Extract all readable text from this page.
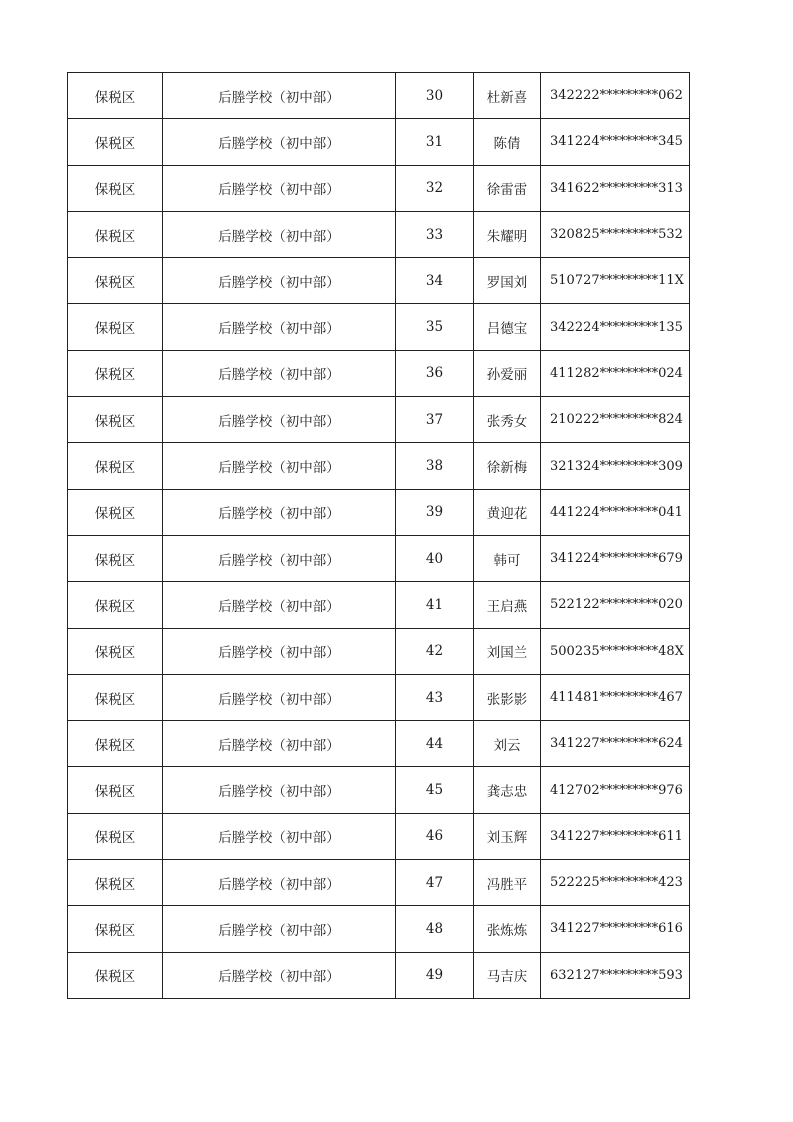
保税区	后塍学校（初中部）	30	杜新喜	342222*********062
保税区	后塍学校（初中部）	31	陈倩	341224*********345
保税区	后塍学校（初中部）	32	徐雷雷	341622*********313
保税区	后塍学校（初中部）	33	朱耀明	320825*********532
保税区	后塍学校（初中部）	34	罗国刘	510727*********11X
保税区	后塍学校（初中部）	35	吕德宝	342224*********135
保税区	后塍学校（初中部）	36	孙爱丽	411282*********024
保税区	后塍学校（初中部）	37	张秀女	210222*********824
保税区	后塍学校（初中部）	38	徐新梅	321324*********309
保税区	后塍学校（初中部）	39	黄迎花	441224*********041
保税区	后塍学校（初中部）	40	韩可	341224*********679
保税区	后塍学校（初中部）	41	王启燕	522122*********020
保税区	后塍学校（初中部）	42	刘国兰	500235*********48X
保税区	后塍学校（初中部）	43	张影影	411481*********467
保税区	后塍学校（初中部）	44	刘云	341227*********624
保税区	后塍学校（初中部）	45	龚志忠	412702*********976
保税区	后塍学校（初中部）	46	刘玉辉	341227*********611
保税区	后塍学校（初中部）	47	冯胜平	522225*********423
保税区	后塍学校（初中部）	48	张炼炼	341227*********616
保税区	后塍学校（初中部）	49	马吉庆	632127*********593
